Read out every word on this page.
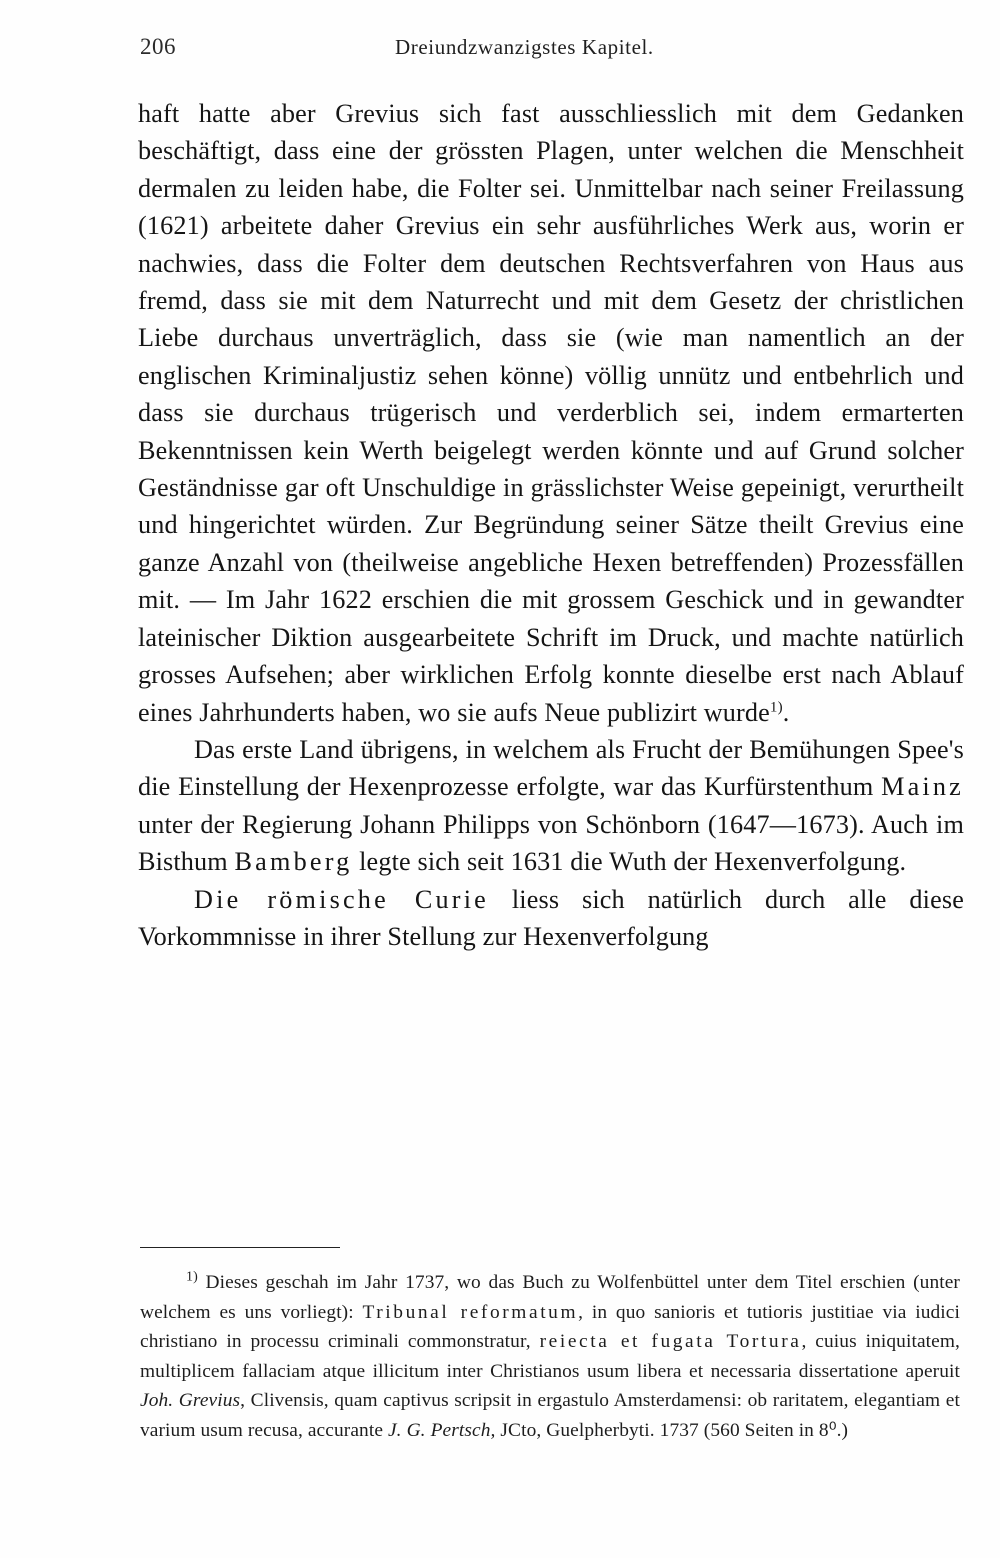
206	Dreiundzwanzigstes Kapitel.

haft hatte aber Grevius sich fast ausschliesslich mit dem Gedanken beschäftigt, dass eine der grössten Plagen, unter welchen die Menschheit dermalen zu leiden habe, die Folter sei. Unmittelbar nach seiner Freilassung (1621) arbeitete daher Grevius ein sehr ausführliches Werk aus, worin er nachwies, dass die Folter dem deutschen Rechtsverfahren von Haus aus fremd, dass sie mit dem Naturrecht und mit dem Gesetz der christlichen Liebe durchaus unverträglich, dass sie (wie man namentlich an der englischen Kriminaljustiz sehen könne) völlig unnütz und entbehrlich und dass sie durchaus trügerisch und verderblich sei, indem ermarterten Bekenntnissen kein Werth beigelegt werden könnte und auf Grund solcher Geständnisse gar oft Unschuldige in grässlichster Weise gepeinigt, verurtheilt und hingerichtet würden. Zur Begründung seiner Sätze theilt Grevius eine ganze Anzahl von (theilweise angebliche Hexen betreffenden) Prozessfällen mit. — Im Jahr 1622 erschien die mit grossem Geschick und in gewandter lateinischer Diktion ausgearbeitete Schrift im Druck, und machte natürlich grosses Aufsehen; aber wirklichen Erfolg konnte dieselbe erst nach Ablauf eines Jahrhunderts haben, wo sie aufs Neue publizirt wurde$^{1)}$.

Das erste Land übrigens, in welchem als Frucht der Bemühungen Spee's die Einstellung der Hexenprozesse erfolgte, war das Kurfürstenthum Mainz unter der Regierung Johann Philipps von Schönborn (1647—1673). Auch im Bisthum Bamberg legte sich seit 1631 die Wuth der Hexenverfolgung.

Die römische Curie liess sich natürlich durch alle diese Vorkommnisse in ihrer Stellung zur Hexenverfolgung

$^{1)}$ Dieses geschah im Jahr 1737, wo das Buch zu Wolfenbüttel unter dem Titel erschien (unter welchem es uns vorliegt): Tribunal reformatum, in quo sanioris et tutioris justitiae via iudici christiano in processu criminali commonstratur, reiecta et fugata Tortura, cuius iniquitatem, multiplicem fallaciam atque illicitum inter Christianos usum libera et necessaria dissertatione aperuit Joh. Grevius, Clivensis, quam captivus scripsit in ergastulo Amsterdamensi: ob raritatem, elegantiam et varium usum recusa, accurante J. G. Pertsch, JCto, Guelpherbyti. 1737 (560 Seiten in 8⁰.)
